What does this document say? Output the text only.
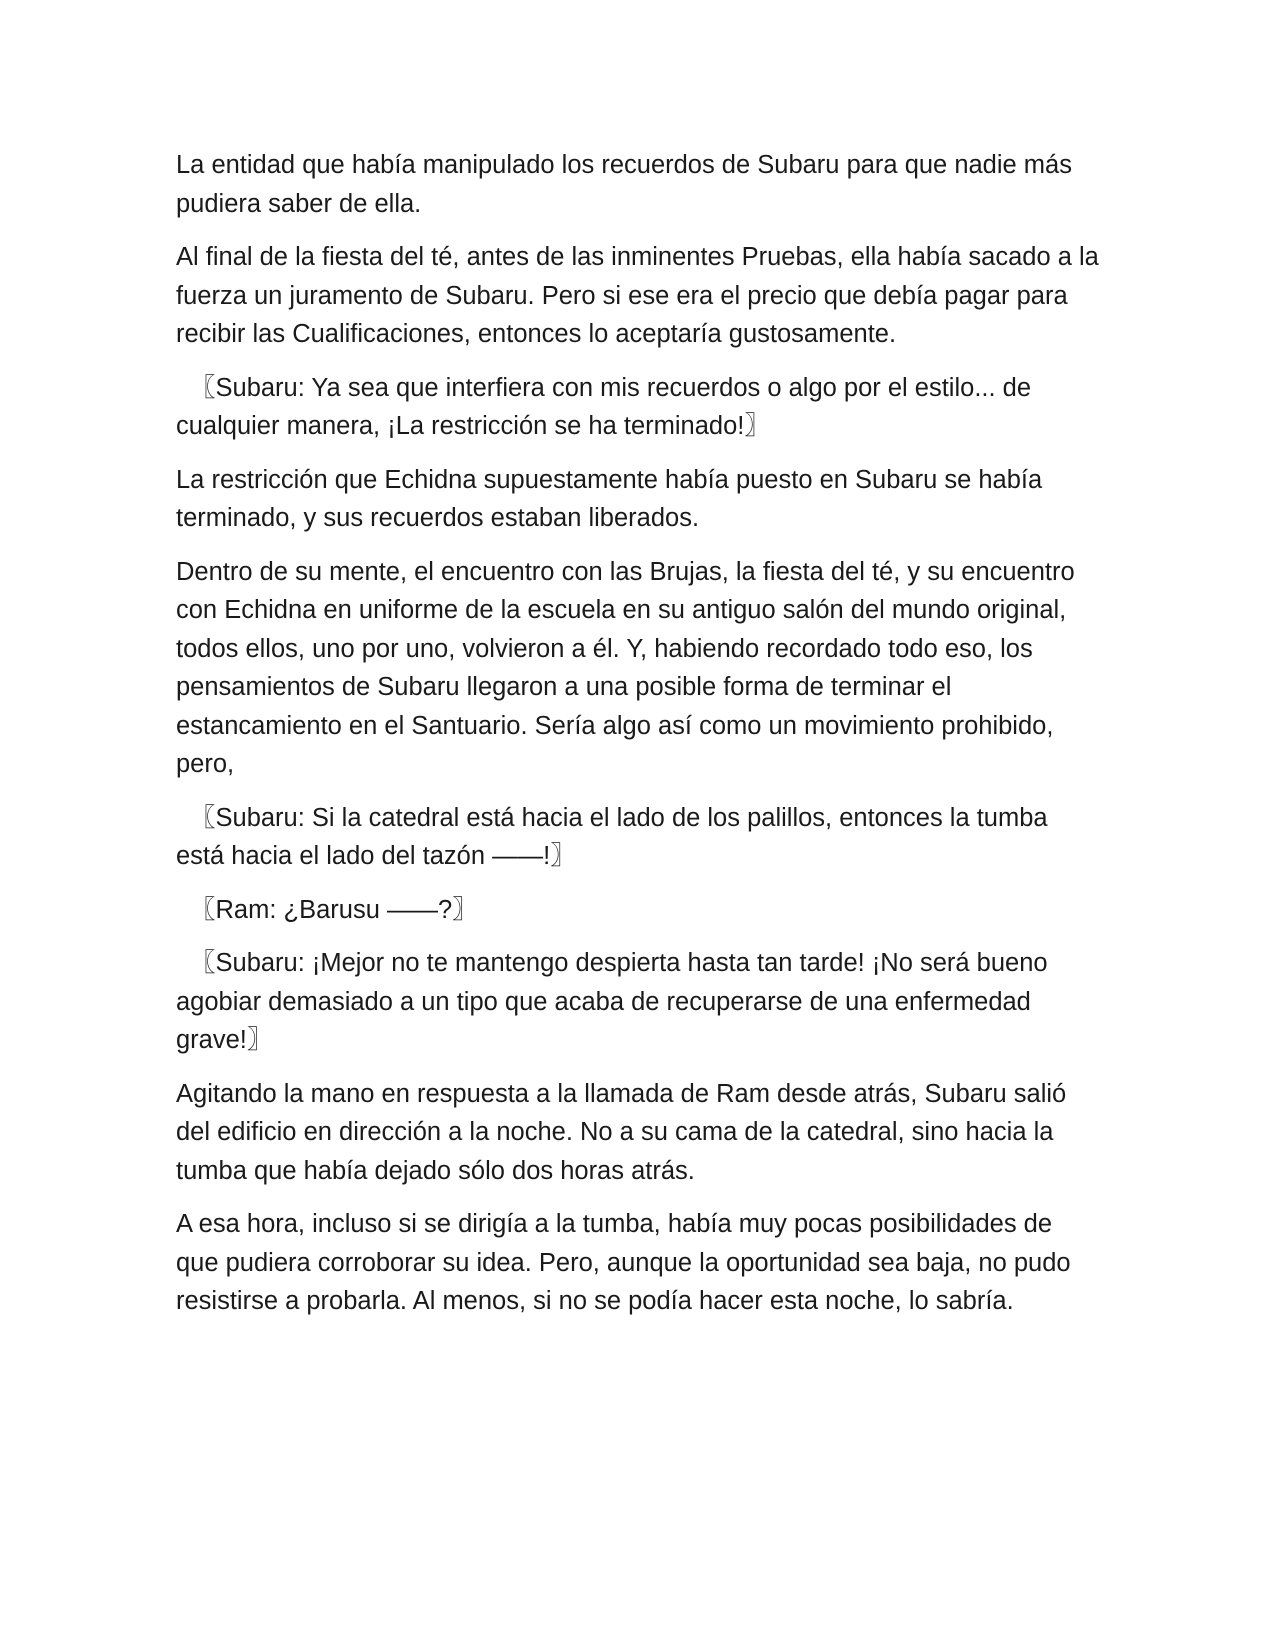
La entidad que había manipulado los recuerdos de Subaru para que nadie más pudiera saber de ella.

Al final de la fiesta del té, antes de las inminentes Pruebas, ella había sacado a la fuerza un juramento de Subaru. Pero si ese era el precio que debía pagar para recibir las Cualificaciones, entonces lo aceptaría gustosamente.

〖Subaru: Ya sea que interfiera con mis recuerdos o algo por el estilo... de cualquier manera, ¡La restricción se ha terminado!〗

La restricción que Echidna supuestamente había puesto en Subaru se había terminado, y sus recuerdos estaban liberados.

Dentro de su mente, el encuentro con las Brujas, la fiesta del té, y su encuentro con Echidna en uniforme de la escuela en su antiguo salón del mundo original, todos ellos, uno por uno, volvieron a él. Y, habiendo recordado todo eso, los pensamientos de Subaru llegaron a una posible forma de terminar el estancamiento en el Santuario. Sería algo así como un movimiento prohibido, pero,

〖Subaru: Si la catedral está hacia el lado de los palillos, entonces la tumba está hacia el lado del tazón ——!〗

〖Ram: ¿Barusu ——?〗

〖Subaru: ¡Mejor no te mantengo despierta hasta tan tarde! ¡No será bueno agobiar demasiado a un tipo que acaba de recuperarse de una enfermedad grave!〗

Agitando la mano en respuesta a la llamada de Ram desde atrás, Subaru salió del edificio en dirección a la noche. No a su cama de la catedral, sino hacia la tumba que había dejado sólo dos horas atrás.

A esa hora, incluso si se dirigía a la tumba, había muy pocas posibilidades de que pudiera corroborar su idea. Pero, aunque la oportunidad sea baja, no pudo resistirse a probarla. Al menos, si no se podía hacer esta noche, lo sabría.
